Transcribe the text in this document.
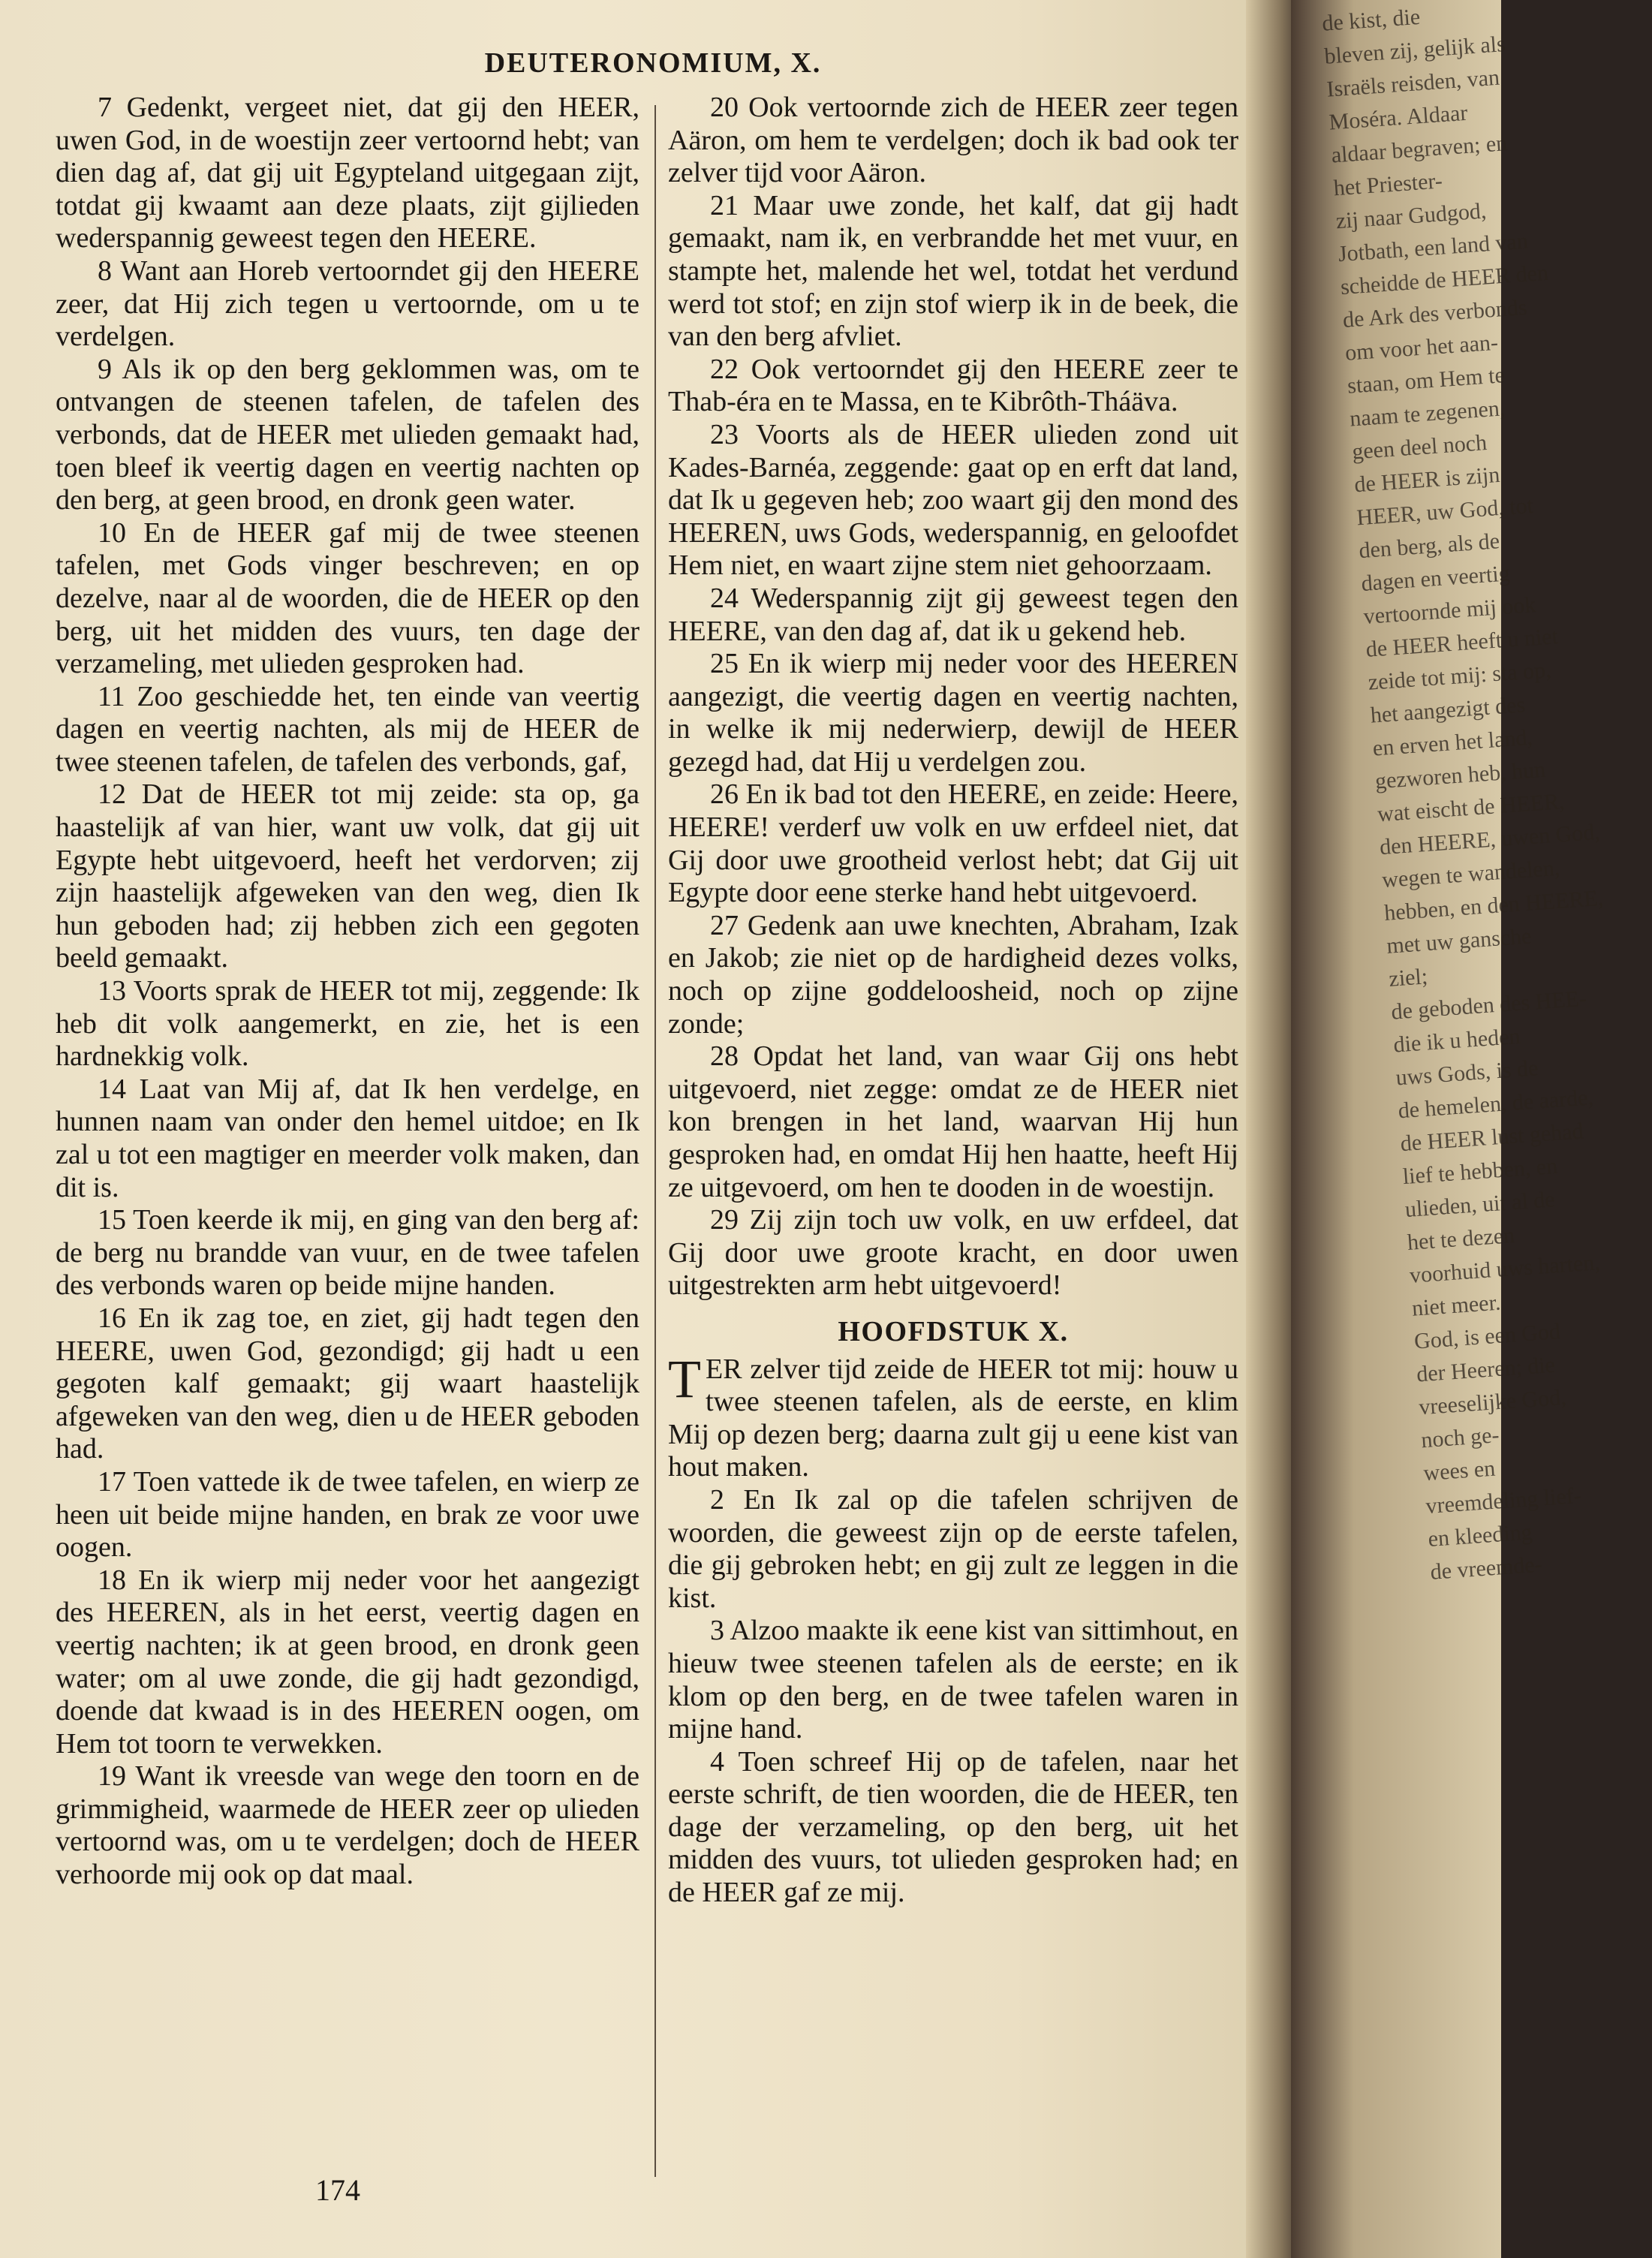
DEUTERONOMIUM, X.

7 Gedenkt, vergeet niet, dat gij den HEER, uwen God, in de woestijn zeer vertoornd hebt; van dien dag af, dat gij uit Egypteland uitgegaan zijt, totdat gij kwaamt aan deze plaats, zijt gijlieden wederspannig geweest tegen den HEERE.

8 Want aan Horeb vertoorndet gij den HEERE zeer, dat Hij zich tegen u vertoornde, om u te verdelgen.

9 Als ik op den berg geklommen was, om te ontvangen de steenen tafelen, de tafelen des verbonds, dat de HEER met ulieden gemaakt had, toen bleef ik veertig dagen en veertig nachten op den berg, at geen brood, en dronk geen water.

10 En de HEER gaf mij de twee steenen tafelen, met Gods vinger beschreven; en op dezelve, naar al de woorden, die de HEER op den berg, uit het midden des vuurs, ten dage der verzameling, met ulieden gesproken had.

11 Zoo geschiedde het, ten einde van veertig dagen en veertig nachten, als mij de HEER de twee steenen tafelen, de tafelen des verbonds, gaf,

12 Dat de HEER tot mij zeide: sta op, ga haastelijk af van hier, want uw volk, dat gij uit Egypte hebt uitgevoerd, heeft het verdorven; zij zijn haastelijk afgeweken van den weg, dien Ik hun geboden had; zij hebben zich een gegoten beeld gemaakt.

13 Voorts sprak de HEER tot mij, zeggende: Ik heb dit volk aangemerkt, en zie, het is een hardnekkig volk.

14 Laat van Mij af, dat Ik hen verdelge, en hunnen naam van onder den hemel uitdoe; en Ik zal u tot een magtiger en meerder volk maken, dan dit is.

15 Toen keerde ik mij, en ging van den berg af: de berg nu brandde van vuur, en de twee tafelen des verbonds waren op beide mijne handen.

16 En ik zag toe, en ziet, gij hadt tegen den HEERE, uwen God, gezondigd; gij hadt u een gegoten kalf gemaakt; gij waart haastelijk afgeweken van den weg, dien u de HEER geboden had.

17 Toen vattede ik de twee tafelen, en wierp ze heen uit beide mijne handen, en brak ze voor uwe oogen.

18 En ik wierp mij neder voor het aangezigt des HEEREN, als in het eerst, veertig dagen en veertig nachten; ik at geen brood, en dronk geen water; om al uwe zonde, die gij hadt gezondigd, doende dat kwaad is in des HEEREN oogen, om Hem tot toorn te verwekken.

19 Want ik vreesde van wege den toorn en de grimmigheid, waarmede de HEER zeer op ulieden vertoornd was, om u te verdelgen; doch de HEER verhoorde mij ook op dat maal.

20 Ook vertoornde zich de HEER zeer tegen Aäron, om hem te verdelgen; doch ik bad ook ter zelver tijd voor Aäron.

21 Maar uwe zonde, het kalf, dat gij hadt gemaakt, nam ik, en verbrandde het met vuur, en stampte het, malende het wel, totdat het verdund werd tot stof; en zijn stof wierp ik in de beek, die van den berg afvliet.

22 Ook vertoorndet gij den HEERE zeer te Thab-éra en te Massa, en te Kibrôth-Tháäva.

23 Voorts als de HEER ulieden zond uit Kades-Barnéa, zeggende: gaat op en erft dat land, dat Ik u gegeven heb; zoo waart gij den mond des HEEREN, uws Gods, wederspannig, en geloofdet Hem niet, en waart zijne stem niet gehoorzaam.

24 Wederspannig zijt gij geweest tegen den HEERE, van den dag af, dat ik u gekend heb.

25 En ik wierp mij neder voor des HEEREN aangezigt, die veertig dagen en veertig nachten, in welke ik mij nederwierp, dewijl de HEER gezegd had, dat Hij u verdelgen zou.

26 En ik bad tot den HEERE, en zeide: Heere, HEERE! verderf uw volk en uw erfdeel niet, dat Gij door uwe grootheid verlost hebt; dat Gij uit Egypte door eene sterke hand hebt uitgevoerd.

27 Gedenk aan uwe knechten, Abraham, Izak en Jakob; zie niet op de hardigheid dezes volks, noch op zijne goddeloosheid, noch op zijne zonde;

28 Opdat het land, van waar Gij ons hebt uitgevoerd, niet zegge: omdat ze de HEER niet kon brengen in het land, waarvan Hij hun gesproken had, en omdat Hij hen haatte, heeft Hij ze uitgevoerd, om hen te dooden in de woestijn.

29 Zij zijn toch uw volk, en uw erfdeel, dat Gij door uwe groote kracht, en door uwen uitgestrekten arm hebt uitgevoerd!

HOOFDSTUK X.

TER zelver tijd zeide de HEER tot mij: houw u twee steenen tafelen, als de eerste, en klim Mij op dezen berg; daarna zult gij u eene kist van hout maken.

2 En Ik zal op die tafelen schrijven de woorden, die geweest zijn op de eerste tafelen, die gij gebroken hebt; en gij zult ze leggen in die kist.

3 Alzoo maakte ik eene kist van sittimhout, en hieuw twee steenen tafelen als de eerste; en ik klom op den berg, en de twee tafelen waren in mijne hand.

4 Toen schreef Hij op de tafelen, naar het eerste schrift, de tien woorden, die de HEER, ten dage der verzameling, op den berg, uit het midden des vuurs, tot ulieden gesproken had; en de HEER gaf ze mij.

174

de kist, die

bleven zij, gelijk als

Israëls reisden, van

Moséra. Aldaar

aldaar begraven; en

het Priester-

zij naar Gudgod,

Jotbath, een land van

scheidde de HEER den

de Ark des verbonds

om voor het aan-

staan, om Hem te

naam te zegenen,

geen deel noch

de HEER is zijn

HEER, uw God, tot

den berg, als de

dagen en veertig

vertoornde mij ook

de HEER heeft u niet

zeide tot mij: sta op,

het aangezigt des

en erven het land,

gezworen heb, hun

wat eischt de HEER,

den HEERE, uwen God,

wegen te wandelen,

hebben, en den HEERE,

met uw gansche

ziel;

de geboden des HEE-

die ik u heden

uws Gods, is de

de hemelen, de aarde,

de HEER lust gehad

lief te hebben, en

ulieden, uit al de

het te dezen

voorhuid uws harten,

niet meer.

God, is een God

der Heeren; die

vreeselijke God,

noch ge-

wees en

vreemdeling lief-

en kleeding

de vreemde-
